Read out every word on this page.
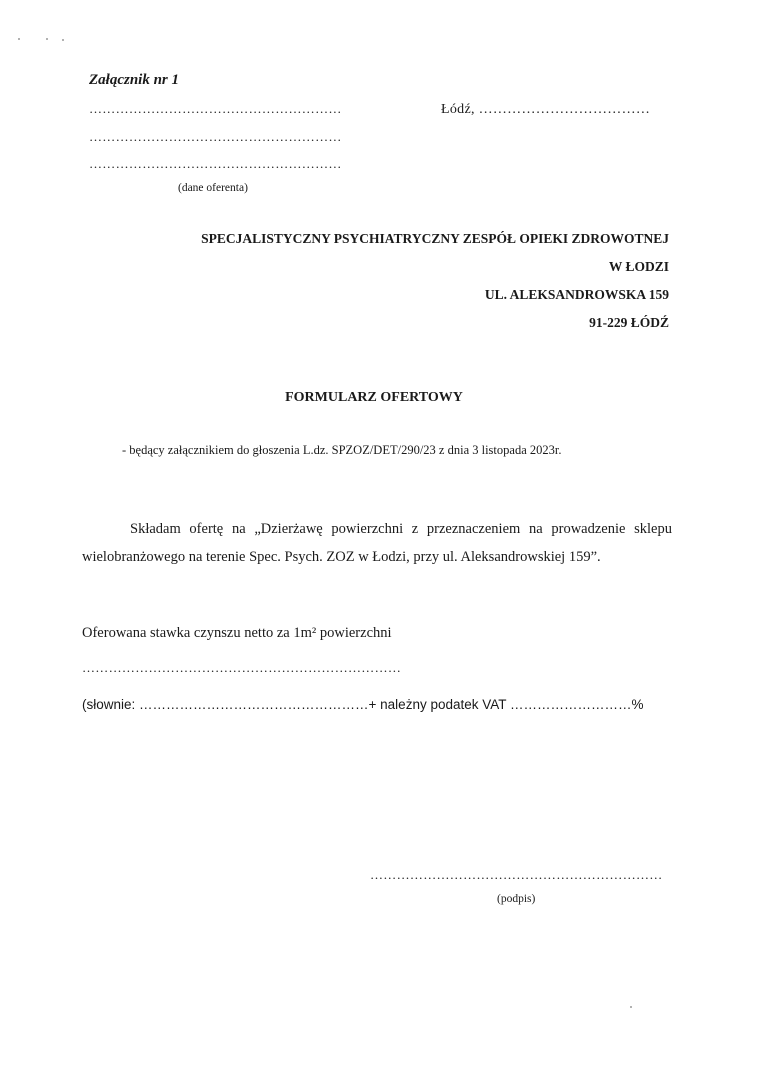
Załącznik nr 1
…………………………………………………
…………………………………………………
…………………………………………………
(dane oferenta)
Łódź, ………………………………
SPECJALISTYCZNY PSYCHIATRYCZNY ZESPÓŁ OPIEKI ZDROWOTNEJ
W ŁODZI
UL. ALEKSANDROWSKA 159
91-229 ŁÓDŹ
FORMULARZ OFERTOWY
- będący załącznikiem do głoszenia L.dz. SPZOZ/DET/290/23 z dnia 3 listopada 2023r.
Składam ofertę na „Dzierżawę powierzchni z przeznaczeniem na prowadzenie sklepu wielobranżowego na terenie Spec. Psych. ZOZ w Łodzi, przy ul. Aleksandrowskiej 159”.
Oferowana stawka czynszu netto za 1m² powierzchni
………………………………………………………………
(słownie: ……………………………………………+ należny podatek VAT ………………………%
…………………………………………………………
(podpis)
